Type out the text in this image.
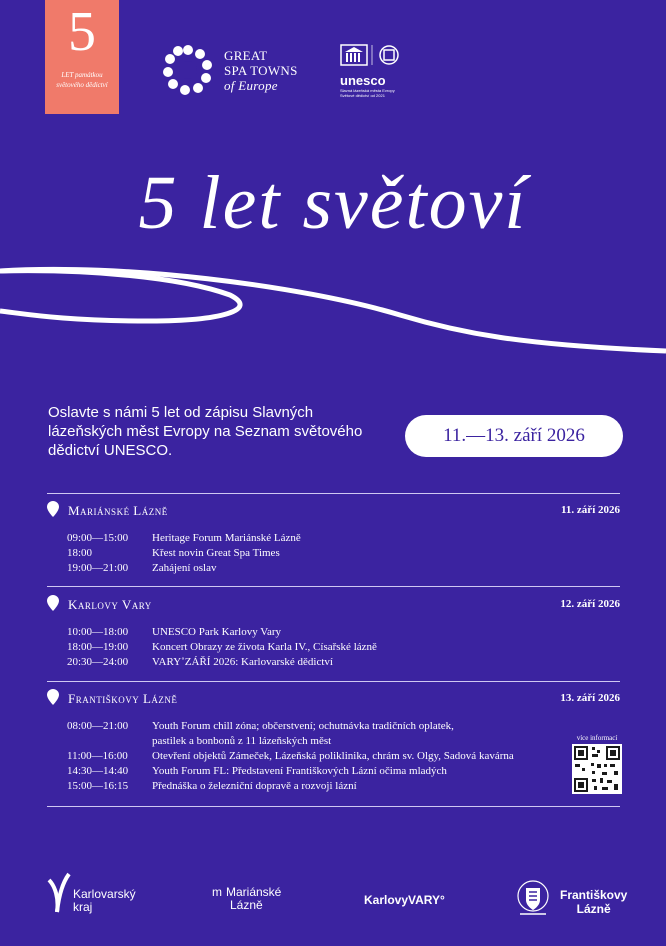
5
LET památkou
světového dědictví
GREAT
SPA TOWNS
of Europe	unesco
Slavná lázeňská města Evropy
Světové dědictví od 2021
5 let světoví
Oslavte s námi 5 let od zápisu Slavných lázeňských měst Evropy na Seznam světového dědictví UNESCO.
11.—13. září 2026
Mariánské Lázně	11. září 2026
09:00—15:00	Heritage Forum Mariánské Lázně
18:00	Křest novin Great Spa Times
19:00—21:00	Zahájení oslav
Karlovy Vary	12. září 2026
10:00—18:00	UNESCO Park Karlovy Vary
18:00—19:00	Koncert Obrazy ze života Karla IV., Císařské lázně
20:30—24:00	VARY˚ZÁŘÍ 2026: Karlovarské dědictví
Františkovy Lázně	13. září 2026
08:00—21:00	Youth Forum chill zóna; občerstvení; ochutnávka tradičních oplatek,
pastilek a bonbonů z 11 lázeňských měst
11:00—16:00	Otevření objektů Zámeček, Lázeňská poliklinika, chrám sv. Olgy, Sadová kavárna
14:30—14:40	Youth Forum FL: Představení Františkových Lázní očima mladých
15:00—16:15	Přednáška o železniční dopravě a rozvoji lázní
více informací
Karlovarský
kraj
m Mariánské
Lázně	KarlovyVARY°	Františkovy
Lázně
